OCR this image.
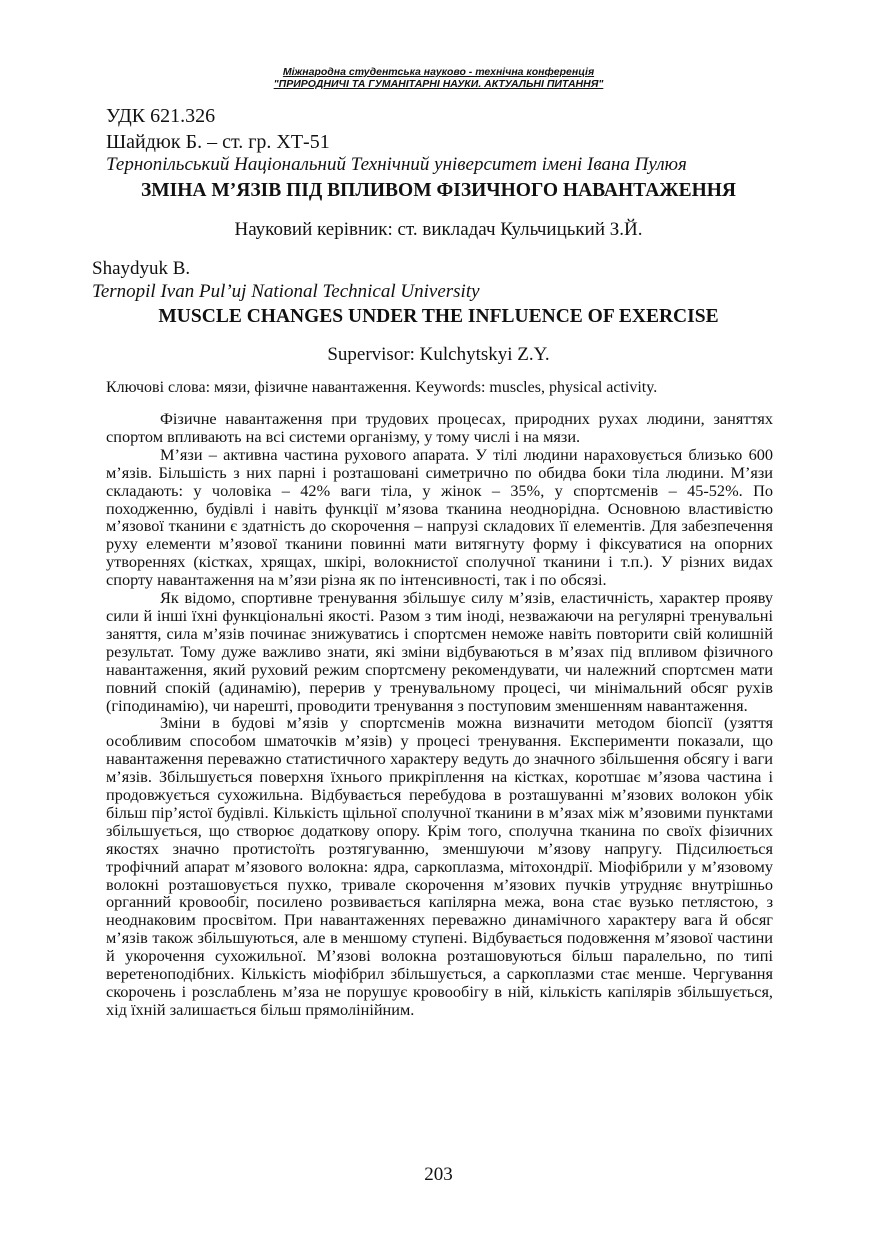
Міжнародна студентська науково - технічна конференція
"ПРИРОДНИЧІ ТА ГУМАНІТАРНІ НАУКИ. АКТУАЛЬНІ ПИТАННЯ"
УДК 621.326
Шайдюк Б. – ст. гр. ХТ-51
Тернопільський Національний Технічний університет імені Івана Пулюя
ЗМІНА М’ЯЗІВ ПІД ВПЛИВОМ ФІЗИЧНОГО НАВАНТАЖЕННЯ
Науковий керівник: ст. викладач Кульчицький З.Й.
Shaydyuk B.
Ternopil Ivan Pul’uj National Technical University
MUSCLE CHANGES UNDER THE INFLUENCE OF EXERCISE
Supervisor: Kulchytskyi Z.Y.
Ключові слова: мязи, фізичне навантаження. Keywords: muscles, physical activity.

Фізичне навантаження при трудових процесах, природних рухах людини, заняттях спортом впливають на всі системи організму, у тому числі і на мязи.

М’язи – активна частина рухового апарата. У тілі людини нараховується близько 600 м’язів. Більшість з них парні і розташовані симетрично по обидва боки тіла людини. М’язи складають: у чоловіка – 42% ваги тіла, у жінок – 35%, у спортсменів – 45-52%. По походженню, будівлі і навіть функції м’язова тканина неоднорідна. Основною властивістю м’язової тканини є здатність до скорочення – напрузі складових її елементів. Для забезпечення руху елементи м’язової тканини повинні мати витягнуту форму і фіксуватися на опорних утвореннях (кістках, хрящах, шкірі, волокнистої сполучної тканини і т.п.). У різних видах спорту навантаження на м’язи різна як по інтенсивності, так і по обсязі.

Як відомо, спортивне тренування збільшує силу м’язів, еластичність, характер прояву сили й інші їхні функціональні якості. Разом з тим іноді, незважаючи на регулярні тренувальні заняття, сила м’язів починає знижуватись і спортсмен неможе навіть повторити свій колишній результат. Тому дуже важливо знати, які зміни відбуваються в м’язах під впливом фізичного навантаження, який руховий режим спортсмену рекомендувати, чи належний спортсмен мати повний спокій (адинамію), перерив у тренувальному процесі, чи мінімальний обсяг рухів (гіподинамію), чи нарешті, проводити тренування з поступовим зменшенням навантаження.

Зміни в будові м’язів у спортсменів можна визначити методом біопсії (узяття особливим способом шматочків м’язів) у процесі тренування. Експерименти показали, що навантаження переважно статистичного характеру ведуть до значного збільшення обсягу і ваги м’язів. Збільшується поверхня їхнього прикріплення на кістках, коротшає м’язова частина і продовжується сухожильна. Відбувається перебудова в розташуванні м’язових волокон убік більш пір’ястої будівлі. Кількість щільної сполучної тканини в м’язах між м’язовими пунктами збільшується, що створює додаткову опору. Крім того, сполучна тканина по своїх фізичних якостях значно протистоїть розтягуванню, зменшуючи м’язову напругу. Підсилюється трофічний апарат м’язового волокна: ядра, саркоплазма, мітохондрії. Міофібрили у м’язовому волокні розташовується пухко, тривале скорочення м’язових пучків утрудняє внутрішньо органний кровообіг, посилено розвивається капілярна межа, вона стає вузько петлястою, з неоднаковим просвітом. При навантаженнях переважно динамічного характеру вага й обсяг м’язів також збільшуються, але в меншому ступені. Відбувається подовження м’язової частини й укорочення сухожильної. М’язові волокна розташовуються більш паралельно, по типі веретеноподібних. Кількість міофібрил збільшується, а саркоплазми стає менше. Чергування скорочень і розслаблень м’яза не порушує кровообігу в ній, кількість капілярів збільшується, хід їхній залишається більш прямолінійним.

203
